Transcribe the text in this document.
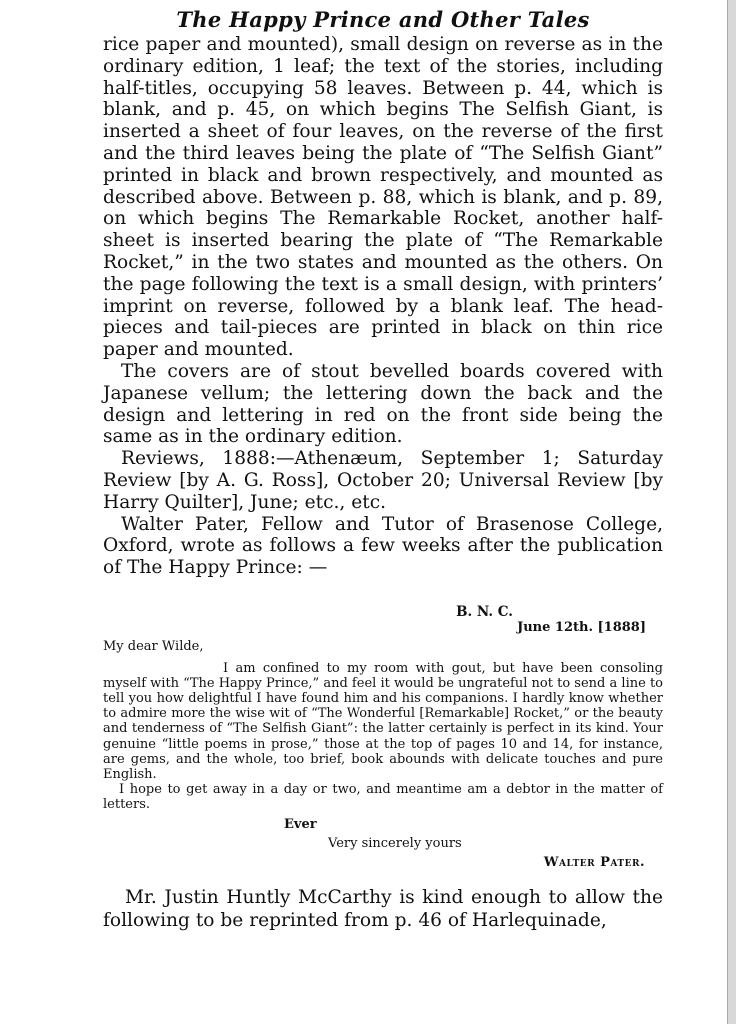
The Happy Prince and Other Tales

rice paper and mounted), small design on reverse as in the ordinary edition, 1 leaf; the text of the stories, including half-titles, occupying 58 leaves. Between p. 44, which is blank, and p. 45, on which begins The Selfish Giant, is inserted a sheet of four leaves, on the reverse of the first and the third leaves being the plate of “The Selfish Giant” printed in black and brown respectively, and mounted as described above. Between p. 88, which is blank, and p. 89, on which begins The Remarkable Rocket, another half-sheet is inserted bearing the plate of “The Remarkable Rocket,” in the two states and mounted as the others. On the page following the text is a small design, with printers’ imprint on reverse, followed by a blank leaf. The head-pieces and tail-pieces are printed in black on thin rice paper and mounted.

The covers are of stout bevelled boards covered with Japanese vellum; the lettering down the back and the design and lettering in red on the front side being the same as in the ordinary edition.

Reviews, 1888:—Athenæum, September 1; Saturday Review [by A. G. Ross], October 20; Universal Review [by Harry Quilter], June; etc., etc.

Walter Pater, Fellow and Tutor of Brasenose College, Oxford, wrote as follows a few weeks after the publication of The Happy Prince: —

B. N. C.
June 12th. [1888]
My dear Wilde,

I am confined to my room with gout, but have been consoling myself with “The Happy Prince,” and feel it would be ungrateful not to send a line to tell you how delightful I have found him and his companions. I hardly know whether to admire more the wise wit of “The Wonderful [Remarkable] Rocket,” or the beauty and tenderness of “The Selfish Giant”: the latter certainly is perfect in its kind. Your genuine “little poems in prose,” those at the top of pages 10 and 14, for instance, are gems, and the whole, too brief, book abounds with delicate touches and pure English.

I hope to get away in a day or two, and meantime am a debtor in the matter of letters.

Ever
Very sincerely yours
Walter Pater.

Mr. Justin Huntly McCarthy is kind enough to allow the following to be reprinted from p. 46 of Harlequinade,
